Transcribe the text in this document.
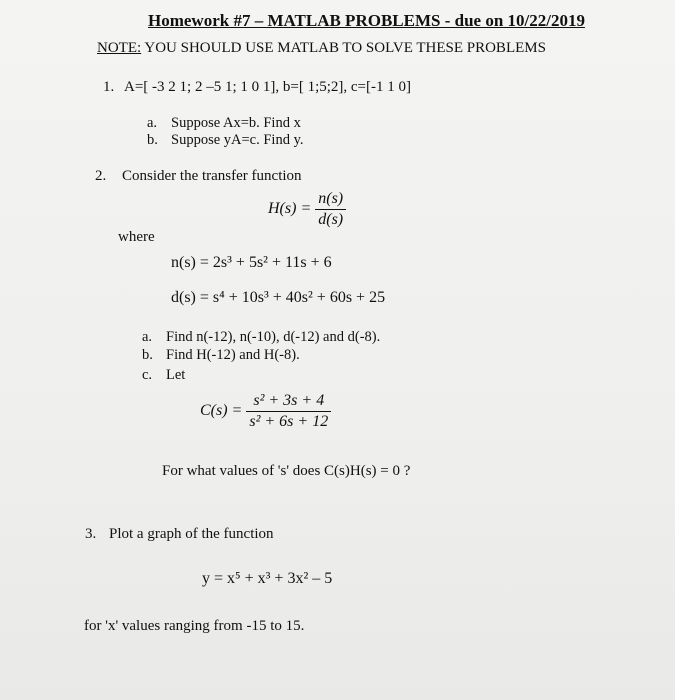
Homework #7 – MATLAB PROBLEMS - due on 10/22/2019
NOTE: YOU SHOULD USE MATLAB TO SOLVE THESE PROBLEMS
1. A=[ -3 2 1; 2 –5 1; 1 0 1], b=[ 1;5;2], c=[-1 1 0]
a. Suppose Ax=b. Find x
b. Suppose yA=c. Find y.
2. Consider the transfer function
$H(s) = \frac{n(s)}{d(s)}$
where
n(s) = 2s³ + 5s² + 11s + 6
d(s) = s⁴ + 10s³ + 40s² + 60s + 25
a. Find n(-12), n(-10), d(-12) and d(-8).
b. Find H(-12) and H(-8).
c. Let
$C(s) = \frac{\text{s² + 3s + 4}}{\text{s² + 6s + 12}}$
For what values of 's' does C(s)H(s) = 0 ?
3. Plot a graph of the function
y = x⁵ + x³ + 3x² – 5
for 'x' values ranging from -15 to 15.
